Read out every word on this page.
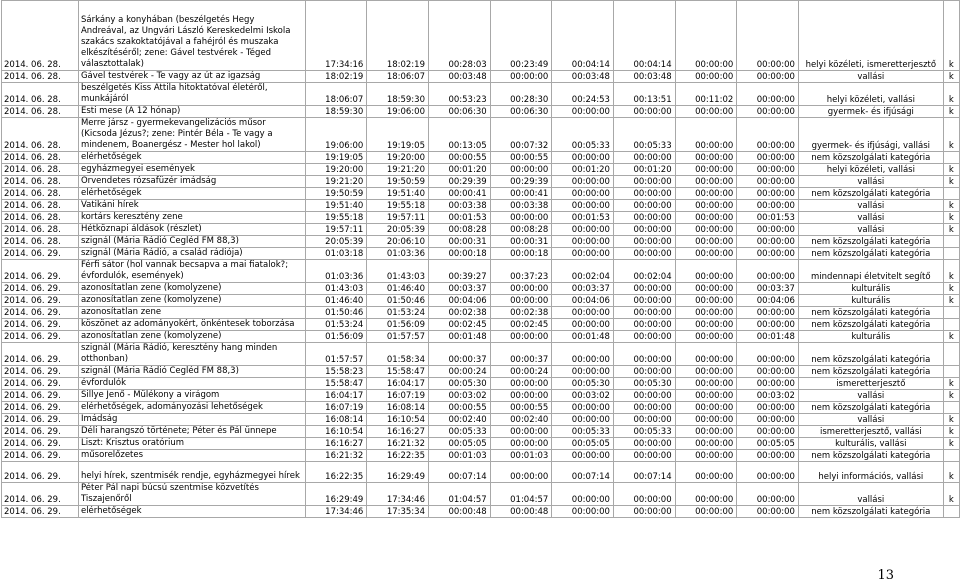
2014. 06. 28.	Sárkány a konyhában (beszélgetés Hegy Andreával, az Ungvári László Kereskedelmi Iskola szakács szakoktatójával a fahéjról és muszaka elkészítéséről; zene: Gável testvérek - Téged választottalak)	17:34:16	18:02:19	00:28:03	00:23:49	00:04:14	00:04:14	00:00:00	00:00:00	helyi közéleti, ismeretterjesztő	k
2014. 06. 28.	Gável testvérek - Te vagy az út az igazság	18:02:19	18:06:07	00:03:48	00:00:00	00:03:48	00:03:48	00:00:00	00:00:00	vallási	k
2014. 06. 28.	beszélgetés Kiss Attila hitoktatóval életéről, munkájáról	18:06:07	18:59:30	00:53:23	00:28:30	00:24:53	00:13:51	00:11:02	00:00:00	helyi közéleti, vallási	k
2014. 06. 28.	Esti mese (A 12 hónap)	18:59:30	19:06:00	00:06:30	00:06:30	00:00:00	00:00:00	00:00:00	00:00:00	gyermek- és ifjúsági	k
2014. 06. 28.	Merre jársz - gyermekevangelizációs műsor (Kicsoda Jézus?; zene: Pintér Béla - Te vagy a mindenem, Boanergész - Mester hol lakol)	19:06:00	19:19:05	00:13:05	00:07:32	00:05:33	00:05:33	00:00:00	00:00:00	gyermek- és ifjúsági, vallási	k
2014. 06. 28.	elérhetőségek	19:19:05	19:20:00	00:00:55	00:00:55	00:00:00	00:00:00	00:00:00	00:00:00	nem közszolgálati kategória	
2014. 06. 28.	egyházmegyei események	19:20:00	19:21:20	00:01:20	00:00:00	00:01:20	00:01:20	00:00:00	00:00:00	helyi közéleti, vallási	k
2014. 06. 28.	Örvendetes rózsafüzér imádság	19:21:20	19:50:59	00:29:39	00:29:39	00:00:00	00:00:00	00:00:00	00:00:00	vallási	k
2014. 06. 28.	elérhetőségek	19:50:59	19:51:40	00:00:41	00:00:41	00:00:00	00:00:00	00:00:00	00:00:00	nem közszolgálati kategória	
2014. 06. 28.	Vatikáni hírek	19:51:40	19:55:18	00:03:38	00:03:38	00:00:00	00:00:00	00:00:00	00:00:00	vallási	k
2014. 06. 28.	kortárs keresztény zene	19:55:18	19:57:11	00:01:53	00:00:00	00:01:53	00:00:00	00:00:00	00:01:53	vallási	k
2014. 06. 28.	Hétköznapi áldások (részlet)	19:57:11	20:05:39	00:08:28	00:08:28	00:00:00	00:00:00	00:00:00	00:00:00	vallási	k
2014. 06. 28.	szignál (Mária Rádió Cegléd FM 88,3)	20:05:39	20:06:10	00:00:31	00:00:31	00:00:00	00:00:00	00:00:00	00:00:00	nem közszolgálati kategória	
2014. 06. 29.	szignál (Mária Rádió, a család rádiója)	01:03:18	01:03:36	00:00:18	00:00:18	00:00:00	00:00:00	00:00:00	00:00:00	nem közszolgálati kategória	
2014. 06. 29.	Férfi sátor (hol vannak becsapva a mai fiatalok?; évfordulók, események)	01:03:36	01:43:03	00:39:27	00:37:23	00:02:04	00:02:04	00:00:00	00:00:00	mindennapi életvitelt segítő	k
2014. 06. 29.	azonosítatlan zene (komolyzene)	01:43:03	01:46:40	00:03:37	00:00:00	00:03:37	00:00:00	00:00:00	00:03:37	kulturális	k
2014. 06. 29.	azonosítatlan zene (komolyzene)	01:46:40	01:50:46	00:04:06	00:00:00	00:04:06	00:00:00	00:00:00	00:04:06	kulturális	k
2014. 06. 29.	azonosítatlan zene	01:50:46	01:53:24	00:02:38	00:02:38	00:00:00	00:00:00	00:00:00	00:00:00	nem közszolgálati kategória	
2014. 06. 29.	köszönet az adományokért, önkéntesek toborzása	01:53:24	01:56:09	00:02:45	00:02:45	00:00:00	00:00:00	00:00:00	00:00:00	nem közszolgálati kategória	
2014. 06. 29.	azonosítatlan zene (komolyzene)	01:56:09	01:57:57	00:01:48	00:00:00	00:01:48	00:00:00	00:00:00	00:01:48	kulturális	k
2014. 06. 29.	szignál (Mária Rádió, keresztény hang minden otthonban)	01:57:57	01:58:34	00:00:37	00:00:37	00:00:00	00:00:00	00:00:00	00:00:00	nem közszolgálati kategória	
2014. 06. 29.	szignál (Mária Rádió Cegléd FM 88,3)	15:58:23	15:58:47	00:00:24	00:00:24	00:00:00	00:00:00	00:00:00	00:00:00	nem közszolgálati kategória	
2014. 06. 29.	évfordulók	15:58:47	16:04:17	00:05:30	00:00:00	00:05:30	00:05:30	00:00:00	00:00:00	ismeretterjesztő	k
2014. 06. 29.	Sillye Jenő - Mülékony a virágom	16:04:17	16:07:19	00:03:02	00:00:00	00:03:02	00:00:00	00:00:00	00:03:02	vallási	k
2014. 06. 29.	elérhetőségek, adományozási lehetőségek	16:07:19	16:08:14	00:00:55	00:00:55	00:00:00	00:00:00	00:00:00	00:00:00	nem közszolgálati kategória	
2014. 06. 29.	Imádság	16:08:14	16:10:54	00:02:40	00:02:40	00:00:00	00:00:00	00:00:00	00:00:00	vallási	k
2014. 06. 29.	Déli harangszó története; Péter és Pál ünnepe	16:10:54	16:16:27	00:05:33	00:00:00	00:05:33	00:05:33	00:00:00	00:00:00	ismeretterjesztő, vallási	k
2014. 06. 29.	Liszt: Krisztus oratórium	16:16:27	16:21:32	00:05:05	00:00:00	00:05:05	00:00:00	00:00:00	00:05:05	kulturális, vallási	k
2014. 06. 29.	műsorelőzetes	16:21:32	16:22:35	00:01:03	00:01:03	00:00:00	00:00:00	00:00:00	00:00:00	nem közszolgálati kategória	
2014. 06. 29.	helyi hírek, szentmisék rendje, egyházmegyei hírek	16:22:35	16:29:49	00:07:14	00:00:00	00:07:14	00:07:14	00:00:00	00:00:00	helyi információs, vallási	k
2014. 06. 29.	Péter Pál napi búcsú szentmise közvetítés Tiszajenőről	16:29:49	17:34:46	01:04:57	01:04:57	00:00:00	00:00:00	00:00:00	00:00:00	vallási	k
2014. 06. 29.	elérhetőségek	17:34:46	17:35:34	00:00:48	00:00:48	00:00:00	00:00:00	00:00:00	00:00:00	nem közszolgálati kategória	
13
